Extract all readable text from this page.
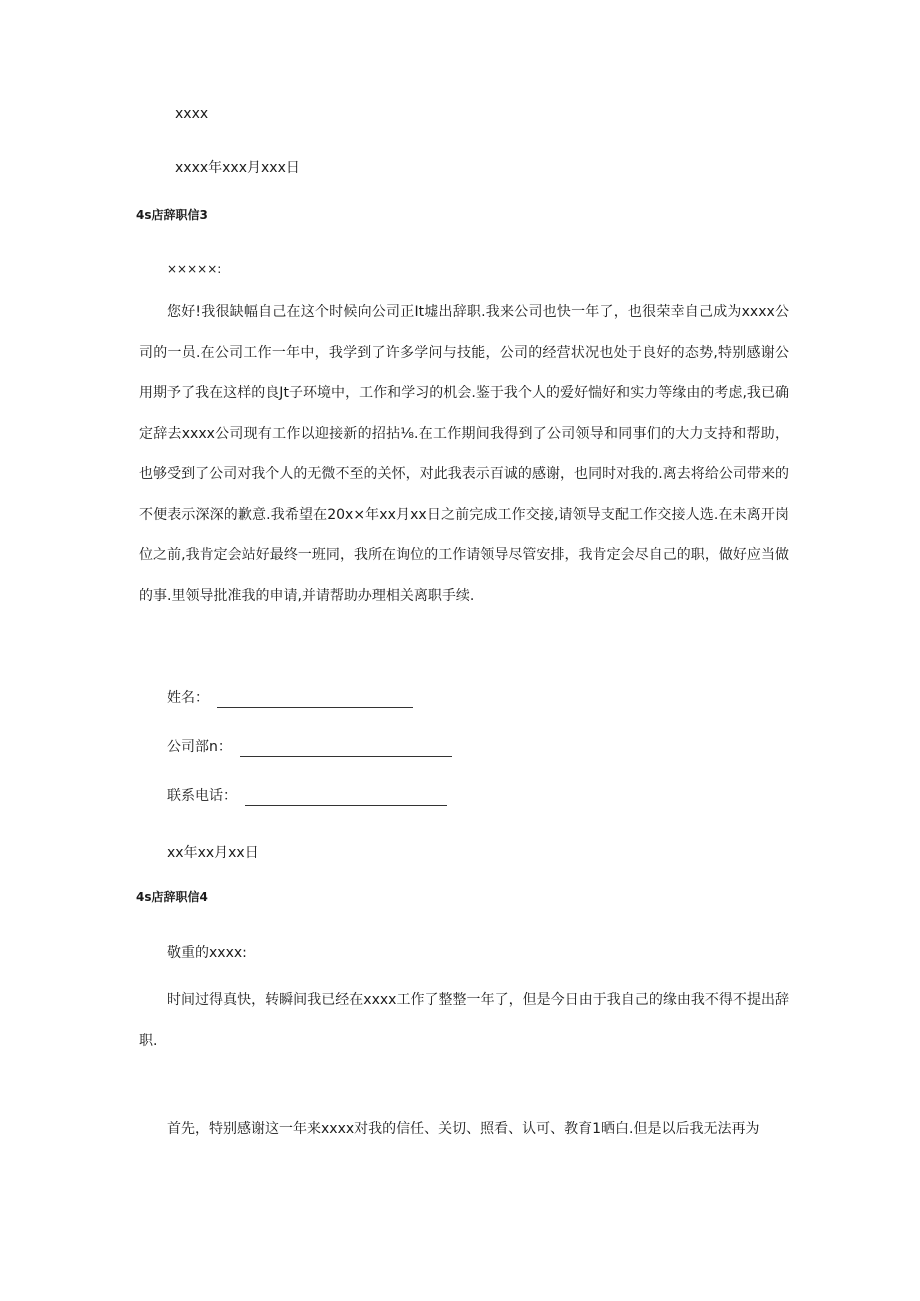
xxxx
xxxx年xxx月xxx日
4s店辞职信3
×××××:
您好!我很缺幅自己在这个时候向公司正It墟出辞职.我来公司也快一年了，也很荣幸自己成为xxxx公司的一员.在公司工作一年中，我学到了许多学问与技能，公司的经营状况也处于良好的态势,特别感谢公用期予了我在这样的良Jt子环境中，工作和学习的机会.鉴于我个人的爱好惴好和实力等缘由的考虑,我已确定辞去xxxx公司现有工作以迎接新的招拈⅛.在工作期间我得到了公司领导和同事们的大力支持和帮助，也够受到了公司对我个人的无微不至的关怀，对此我表示百诚的感谢，也同时对我的.离去将给公司带来的不便表示深深的歉意.我希望在20x×年xx月xx日之前完成工作交接,请领导支配工作交接人选.在未离开岗位之前,我肯定会站好最终一班同，我所在询位的工作请领导尽管安排，我肯定会尽自己的职，做好应当做的事.里领导批准我的申请,并请帮助办理相关离职手续.
姓名：
公司部n：
联系电话：
xx年xx月xx日
4s店辞职信4
敬重的xxxx:
时间过得真快，转瞬间我已经在xxxx工作了整整一年了，但是今日由于我自己的缘由我不得不提出辞职.
首先，特别感谢这一年来xxxx对我的信任、关切、照看、认可、教育1晒白.但是以后我无法再为
